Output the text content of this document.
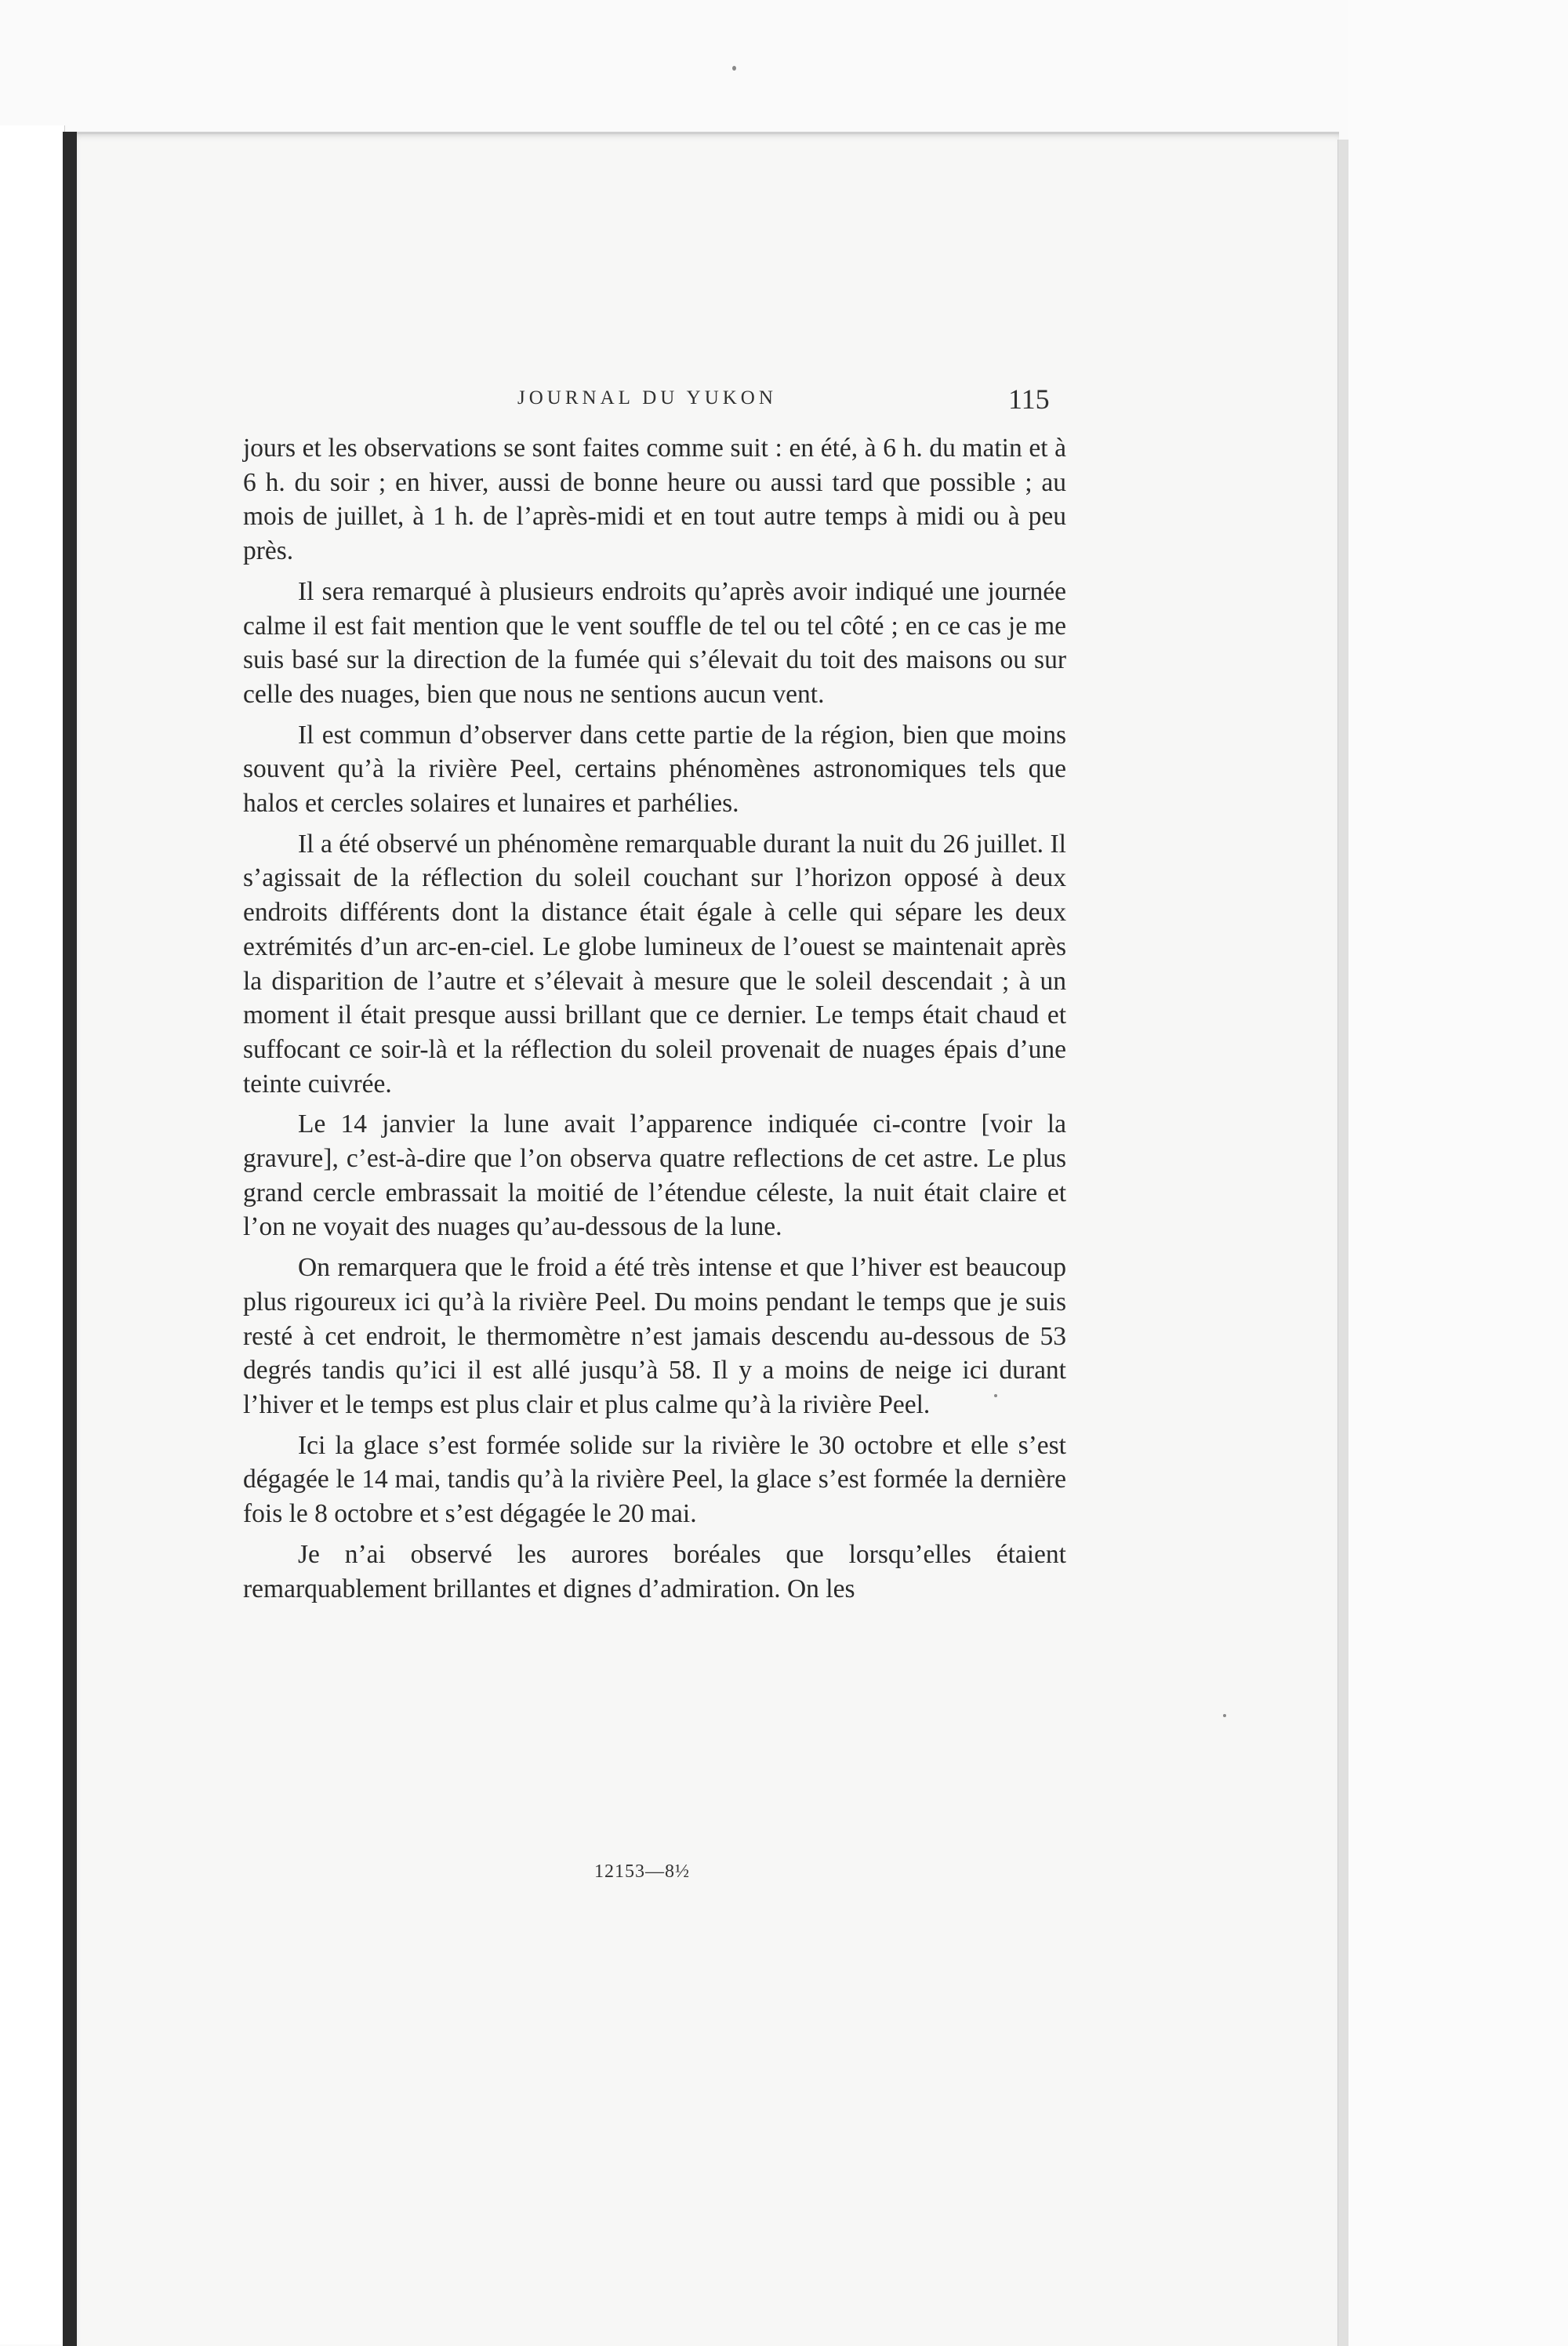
JOURNAL DU YUKON	115

jours et les observations se sont faites comme suit : en été, à 6 h. du matin et à 6 h. du soir ; en hiver, aussi de bonne heure ou aussi tard que possible ; au mois de juillet, à 1 h. de l’après-midi et en tout autre temps à midi ou à peu près.

Il sera remarqué à plusieurs endroits qu’après avoir indiqué une journée calme il est fait mention que le vent souffle de tel ou tel côté ; en ce cas je me suis basé sur la direction de la fumée qui s’élevait du toit des maisons ou sur celle des nuages, bien que nous ne sentions aucun vent.

Il est commun d’observer dans cette partie de la région, bien que moins souvent qu’à la rivière Peel, certains phénomènes astronomiques tels que halos et cercles solaires et lunaires et parhélies.

Il a été observé un phénomène remarquable durant la nuit du 26 juillet. Il s’agissait de la réflection du soleil couchant sur l’horizon opposé à deux endroits différents dont la distance était égale à celle qui sépare les deux extrémités d’un arc-en-ciel. Le globe lumineux de l’ouest se maintenait après la disparition de l’autre et s’élevait à mesure que le soleil descendait ; à un moment il était presque aussi brillant que ce dernier. Le temps était chaud et suffocant ce soir-là et la réflection du soleil provenait de nuages épais d’une teinte cuivrée.

Le 14 janvier la lune avait l’apparence indiquée ci-contre [voir la gravure], c’est-à-dire que l’on observa quatre reflections de cet astre. Le plus grand cercle embrassait la moitié de l’étendue céleste, la nuit était claire et l’on ne voyait des nuages qu’au-dessous de la lune.

On remarquera que le froid a été très intense et que l’hiver est beaucoup plus rigoureux ici qu’à la rivière Peel. Du moins pendant le temps que je suis resté à cet endroit, le thermomètre n’est jamais descendu au-dessous de 53 degrés tandis qu’ici il est allé jusqu’à 58. Il y a moins de neige ici durant l’hiver et le temps est plus clair et plus calme qu’à la rivière Peel.

Ici la glace s’est formée solide sur la rivière le 30 octobre et elle s’est dégagée le 14 mai, tandis qu’à la rivière Peel, la glace s’est formée la dernière fois le 8 octobre et s’est dégagée le 20 mai.

Je n’ai observé les aurores boréales que lorsqu’elles étaient remarquablement brillantes et dignes d’admiration. On les

12153—8½
